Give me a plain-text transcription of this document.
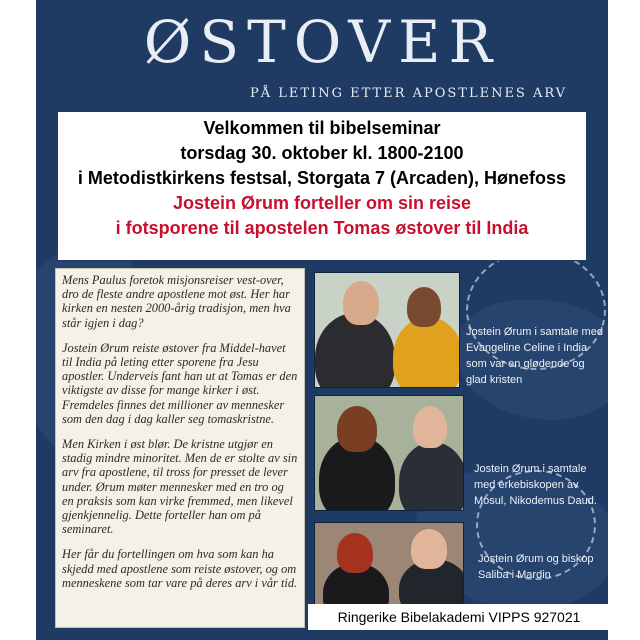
ØSTOVER
PÅ LETING ETTER APOSTLENES ARV
Velkommen til bibelseminar
torsdag 30. oktober kl. 1800-2100
i Metodistkirkens festsal, Storgata 7 (Arcaden), Hønefoss
Jostein Ørum forteller om sin reise
i fotsporene til apostelen Tomas østover til India

Mens Paulus foretok misjonsreiser vest-over, dro de fleste andre apostlene mot øst. Her har kirken en nesten 2000-årig tradisjon, men hva står igjen i dag?

Jostein Ørum reiste østover fra Middel-havet til India på leting etter sporene fra Jesu apostler. Underveis fant han ut at Tomas er den viktigste av disse for mange kirker i øst. Fremdeles finnes det millioner av mennesker som den dag i dag kaller seg tomaskristne.

Men Kirken i øst blør. De kristne utgjør en stadig mindre minoritet. Men de er stolte av sin arv fra apostlene, til tross for presset de lever under. Ørum møter mennesker med en tro og en praksis som kan virke fremmed, men likevel gjenkjennelig. Dette forteller han om på seminaret.

Her får du fortellingen om hva som kan ha skjedd med apostlene som reiste østover, og om menneskene som tar vare på deres arv i vår tid.

Jostein Ørum i samtale med Evangeline Celine i India som var en glødende og glad kristen
Jostein Ørum i samtale med erkebiskopen av Mosul, Nikodemus Daud.
Jostein Ørum og biskop Saliba i Mardin
Ringerike Bibelakademi VIPPS 927021
